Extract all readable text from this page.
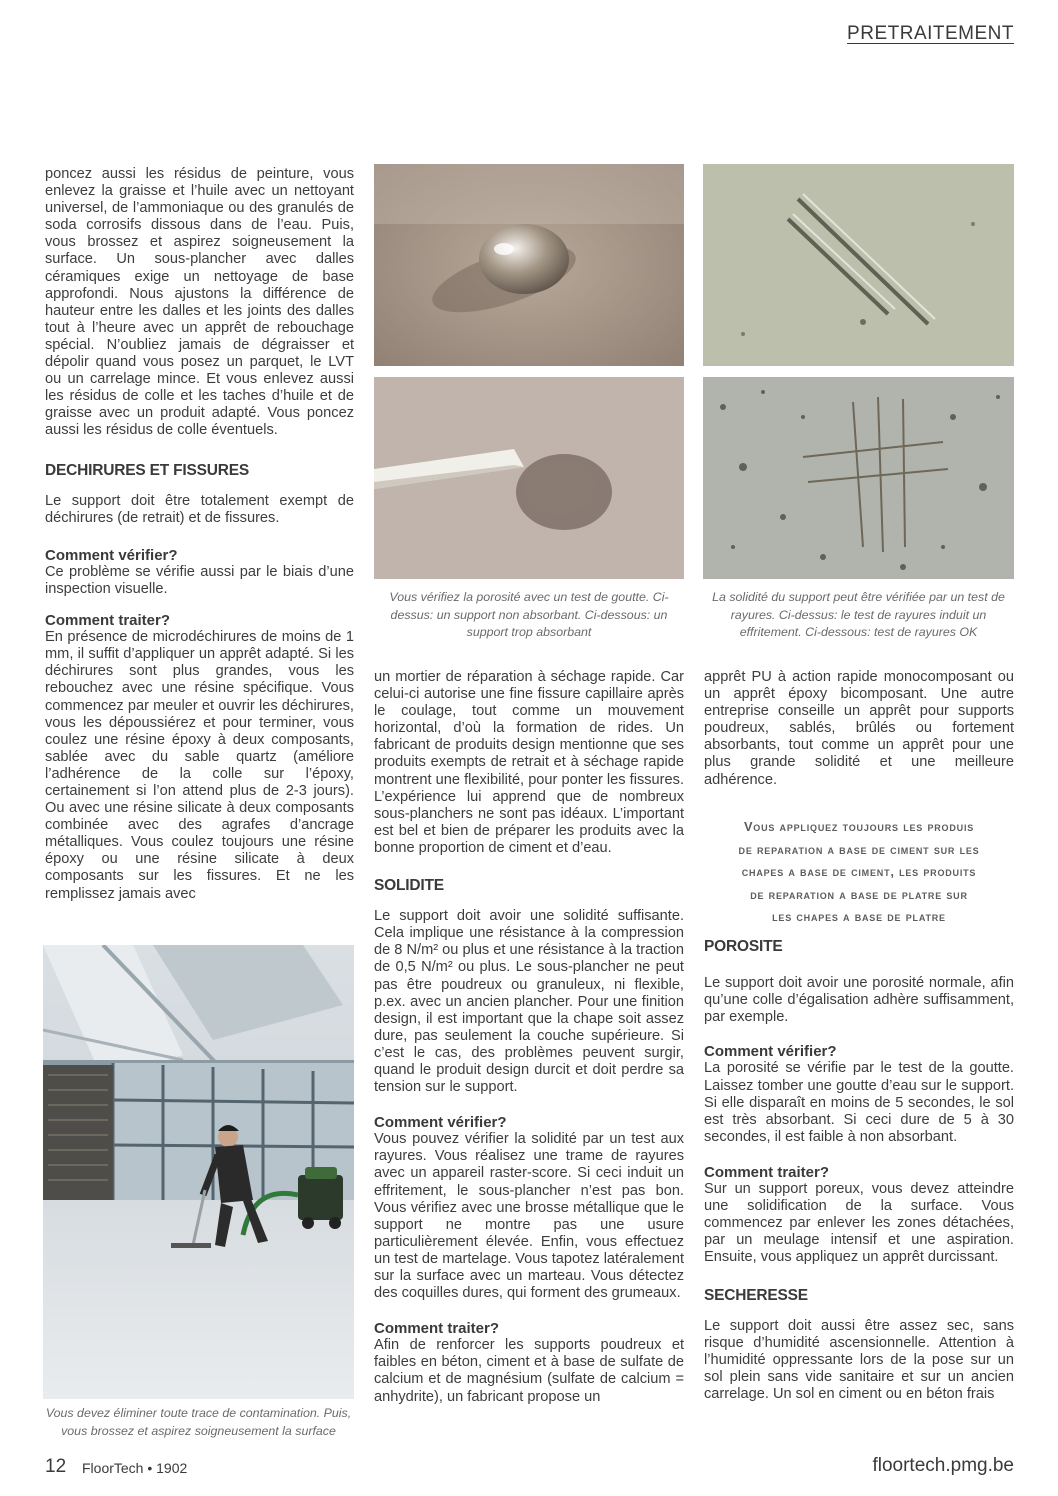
PRETRAITEMENT

poncez aussi les résidus de peinture, vous enlevez la graisse et l’huile avec un nettoyant universel, de l’ammoniaque ou des granulés de soda corrosifs dissous dans de l’eau. Puis, vous brossez et aspirez soigneusement la surface. Un sous-plancher avec dalles céramiques exige un nettoyage de base approfondi. Nous ajustons la différence de hauteur entre les dalles et les joints des dalles tout à l’heure avec un apprêt de rebouchage spécial. N’oubliez jamais de dégraisser et dépolir quand vous posez un parquet, le LVT ou un carrelage mince. Et vous enlevez aussi les résidus de colle et les taches d’huile et de graisse avec un produit adapté. Vous poncez aussi les résidus de colle éventuels.

DECHIRURES ET FISSURES

Le support doit être totalement exempt de déchirures (de retrait) et de fissures.

Comment vérifier?

Ce problème se vérifie aussi par le biais d’une inspection visuelle.

Comment traiter?

En présence de microdéchirures de moins de 1 mm, il suffit d’appliquer un apprêt adapté. Si les déchirures sont plus grandes, vous les rebouchez avec une résine spécifique. Vous commencez par meuler et ouvrir les déchirures, vous les dépoussiérez et pour terminer, vous coulez une résine époxy à deux composants, sablée avec du sable quartz (améliore l’adhérence de la colle sur l’époxy, certainement si l’on attend plus de 2-3 jours). Ou avec une résine silicate à deux composants combinée avec des agrafes d’ancrage métalliques. Vous coulez toujours une résine époxy ou une résine silicate à deux composants sur les fissures. Et ne les remplissez jamais avec

Vous devez éliminer toute trace de contamination. Puis, vous brossez et aspirez soigneusement la surface
Vous vérifiez la porosité avec un test de goutte. Ci-dessus: un support non absorbant. Ci-dessous: un support trop absorbant
La solidité du support peut être vérifiée par un test de rayures. Ci-dessus: le test de rayures induit un effritement. Ci-dessous: test de rayures OK

un mortier de réparation à séchage rapide. Car celui-ci autorise une fine fissure capillaire après le coulage, tout comme un mouvement horizontal, d’où la formation de rides. Un fabricant de produits design mentionne que ses produits exempts de retrait et à séchage rapide montrent une flexibilité, pour ponter les fissures. L’expérience lui apprend que de nombreux sous-planchers ne sont pas idéaux. L’important est bel et bien de préparer les produits avec la bonne proportion de ciment et d’eau.

SOLIDITE

Le support doit avoir une solidité suffisante. Cela implique une résistance à la compression de 8 N/m² ou plus et une résistance à la traction de 0,5 N/m² ou plus. Le sous-plancher ne peut pas être poudreux ou granuleux, ni flexible, p.ex. avec un ancien plancher. Pour une finition design, il est important que la chape soit assez dure, pas seulement la couche supérieure. Si c’est le cas, des problèmes peuvent surgir, quand le produit design durcit et doit perdre sa tension sur le support.

Comment vérifier?

Vous pouvez vérifier la solidité par un test aux rayures. Vous réalisez une trame de rayures avec un appareil raster-score. Si ceci induit un effritement, le sous-plancher n’est pas bon. Vous vérifiez avec une brosse métallique que le support ne montre pas une usure particulièrement élevée. Enfin, vous effectuez un test de martelage. Vous tapotez latéralement sur la surface avec un marteau. Vous détectez des coquilles dures, qui forment des grumeaux.

Comment traiter?

Afin de renforcer les supports poudreux et faibles en béton, ciment et à base de sulfate de calcium et de magnésium (sulfate de calcium = anhydrite), un fabricant propose un

apprêt PU à action rapide monocomposant ou un apprêt époxy bicomposant. Une autre entreprise conseille un apprêt pour supports poudreux, sablés, brûlés ou fortement absorbants, tout comme un apprêt pour une plus grande solidité et une meilleure adhérence.

Vous appliquez toujours les produis
de reparation a base de ciment sur les
chapes a base de ciment, les produits
de reparation a base de platre sur
les chapes a base de platre
POROSITE

Le support doit avoir une porosité normale, afin qu’une colle d’égalisation adhère suffisamment, par exemple.

Comment vérifier?

La porosité se vérifie par le test de la goutte. Laissez tomber une goutte d’eau sur le support. Si elle disparaît en moins de 5 secondes, le sol est très absorbant. Si ceci dure de 5 à 30 secondes, il est faible à non absorbant.

Comment traiter?

Sur un support poreux, vous devez atteindre une solidification de la surface. Vous commencez par enlever les zones détachées, par un meulage intensif et une aspiration. Ensuite, vous appliquez un apprêt durcissant.

SECHERESSE

Le support doit aussi être assez sec, sans risque d’humidité ascensionnelle. Attention à l’humidité oppressante lors de la pose sur un sol plein sans vide sanitaire et sur un ancien carrelage. Un sol en ciment ou en béton frais

12 FloorTech • 1902	floortech.pmg.be
